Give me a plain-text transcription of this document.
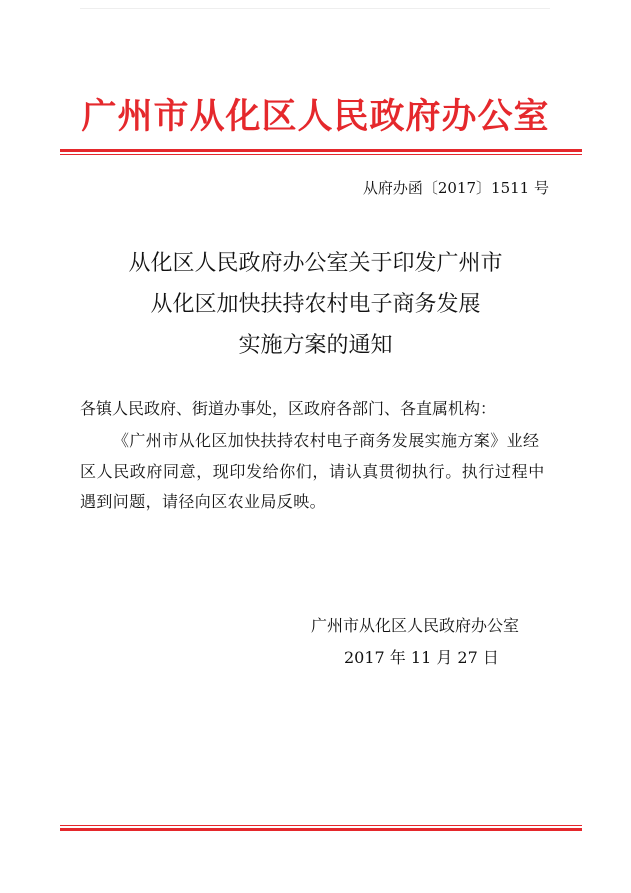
广州市从化区人民政府办公室
从府办函〔2017〕1511 号
从化区人民政府办公室关于印发广州市
从化区加快扶持农村电子商务发展
实施方案的通知
各镇人民政府、街道办事处，区政府各部门、各直属机构：
《广州市从化区加快扶持农村电子商务发展实施方案》业经
区人民政府同意，现印发给你们，请认真贯彻执行。执行过程中
遇到问题，请径向区农业局反映。
广州市从化区人民政府办公室
2017 年 11 月 27 日
